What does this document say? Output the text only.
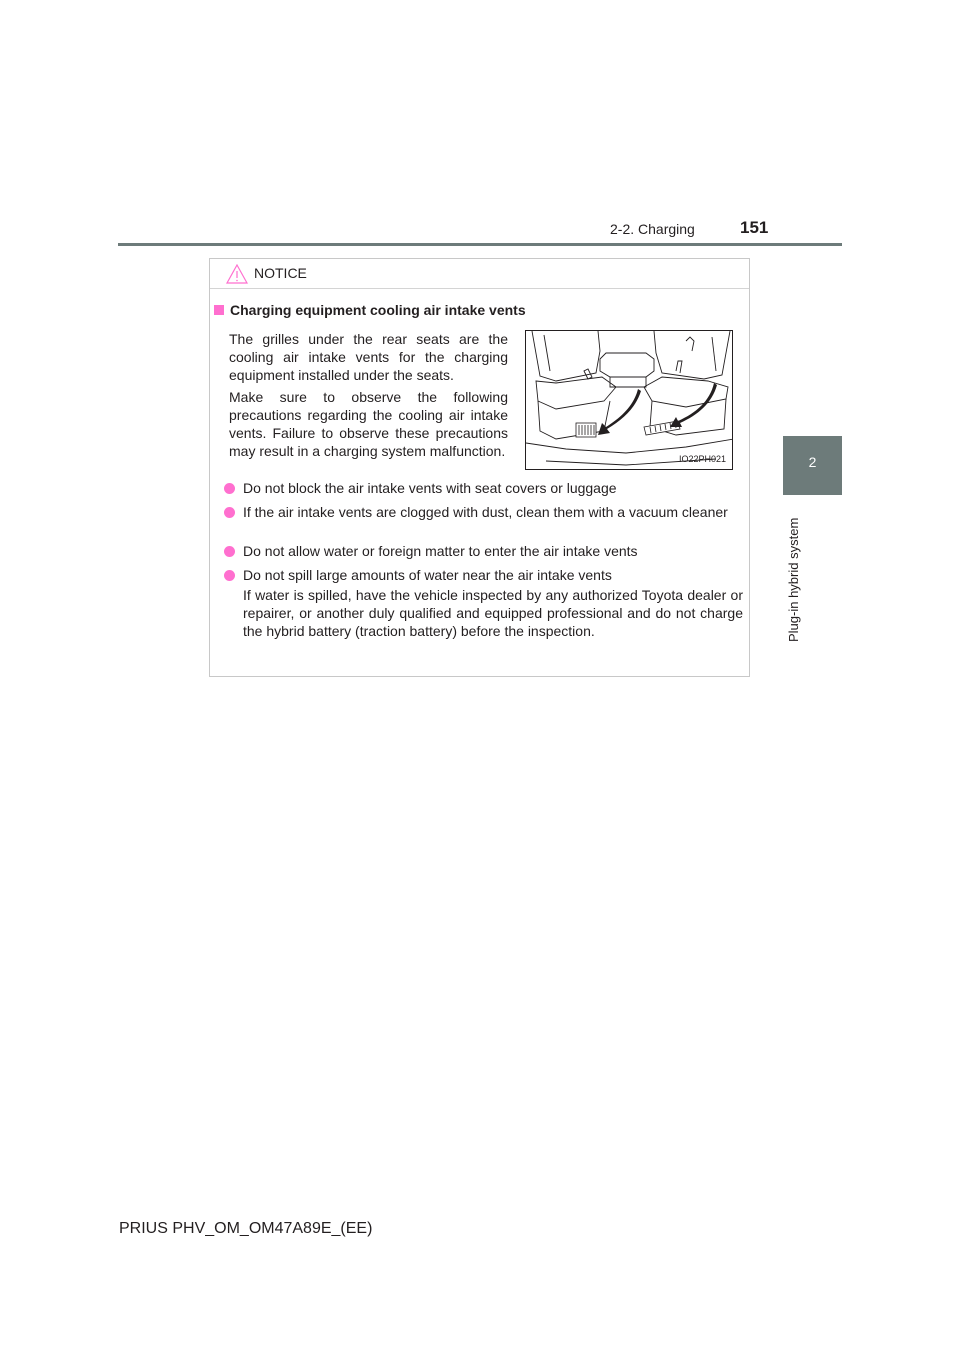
2-2. Charging	151
2
Plug-in hybrid system
NOTICE
Charging equipment cooling air intake vents
The grilles under the rear seats are the cooling air intake vents for the charging equipment installed under the seats.
Make sure to observe the following precautions regarding the cooling air intake vents. Failure to observe these precautions may result in a charging system malfunction.	IO22PH021
Do not block the air intake vents with seat covers or luggage
If the air intake vents are clogged with dust, clean them with a vacuum cleaner
Do not allow water or foreign matter to enter the air intake vents
Do not spill large amounts of water near the air intake vents
If water is spilled, have the vehicle inspected by any authorized Toyota dealer or repairer, or another duly qualified and equipped professional and do not charge the hybrid battery (traction battery) before the inspection.
PRIUS PHV_OM_OM47A89E_(EE)
